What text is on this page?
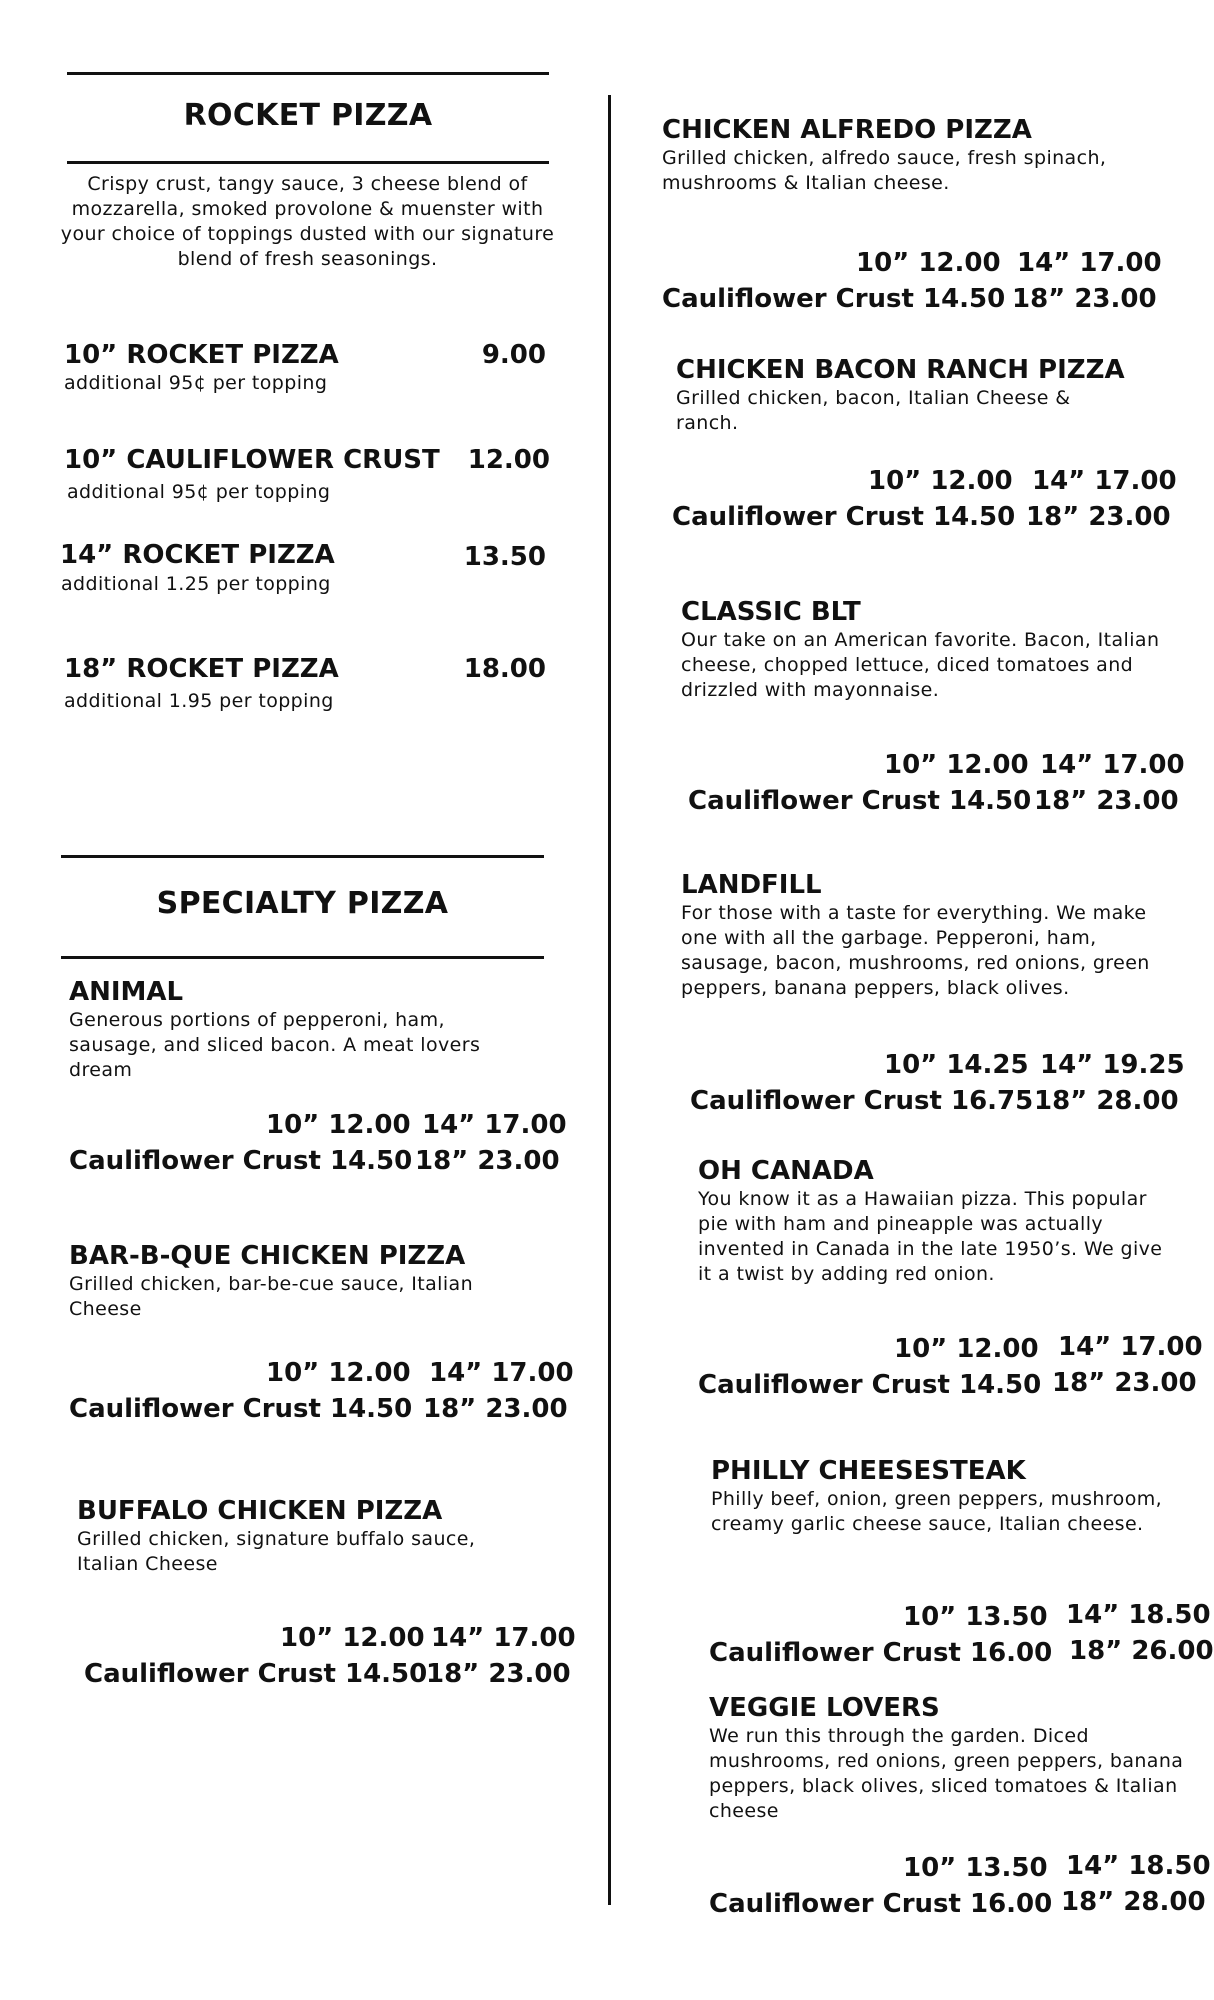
ROCKET PIZZA
Crispy crust, tangy sauce, 3 cheese blend of mozzarella, smoked provolone & muenster with your choice of toppings dusted with our signature blend of fresh seasonings.
10” ROCKET PIZZA	9.00
additional 95¢ per topping
10” CAULIFLOWER CRUST	12.00
additional 95¢ per topping
14” ROCKET PIZZA	13.50
additional 1.25 per topping
18” ROCKET PIZZA	18.00
additional 1.95 per topping
SPECIALTY PIZZA
ANIMAL
Generous portions of pepperoni, ham, sausage, and sliced bacon. A meat lovers dream
10” 12.00 14” 17.00
Cauliflower Crust 14.50 18” 23.00
BAR-B-QUE CHICKEN PIZZA
Grilled chicken, bar-be-cue sauce, Italian Cheese
10” 12.00 14” 17.00
Cauliflower Crust 14.50 18” 23.00
BUFFALO CHICKEN PIZZA
Grilled chicken, signature buffalo sauce, Italian Cheese
10” 12.00 14” 17.00
Cauliflower Crust 14.50
18” 23.00
CHICKEN ALFREDO PIZZA
Grilled chicken, alfredo sauce, fresh spinach, mushrooms & Italian cheese.
10” 12.00 14” 17.00
Cauliflower Crust 14.50 18” 23.00
CHICKEN BACON RANCH PIZZA
Grilled chicken, bacon, Italian Cheese & ranch.
10” 12.00 14” 17.00
Cauliflower Crust 14.50 18” 23.00
CLASSIC BLT
Our take on an American favorite. Bacon, Italian cheese, chopped lettuce, diced tomatoes and drizzled with mayonnaise.
10” 12.00 14” 17.00
Cauliflower Crust 14.50 18” 23.00
LANDFILL
For those with a taste for everything. We make one with all the garbage. Pepperoni, ham, sausage, bacon, mushrooms, red onions, green peppers, banana peppers, black olives.
10” 14.25 14” 19.25
Cauliflower Crust 16.75 18” 28.00
OH CANADA
You know it as a Hawaiian pizza. This popular pie with ham and pineapple was actually invented in Canada in the late 1950’s. We give it a twist by adding red onion.
10” 12.00 14” 17.00
Cauliflower Crust 14.50 18” 23.00
PHILLY CHEESESTEAK
Philly beef, onion, green peppers, mushroom, creamy garlic cheese sauce, Italian cheese.
10” 13.50 14” 18.50
Cauliflower Crust 16.00 18” 26.00
VEGGIE LOVERS
We run this through the garden. Diced mushrooms, red onions, green peppers, banana peppers, black olives, sliced tomatoes & Italian cheese
10” 13.50 14” 18.50
Cauliflower Crust 16.00 18” 28.00
